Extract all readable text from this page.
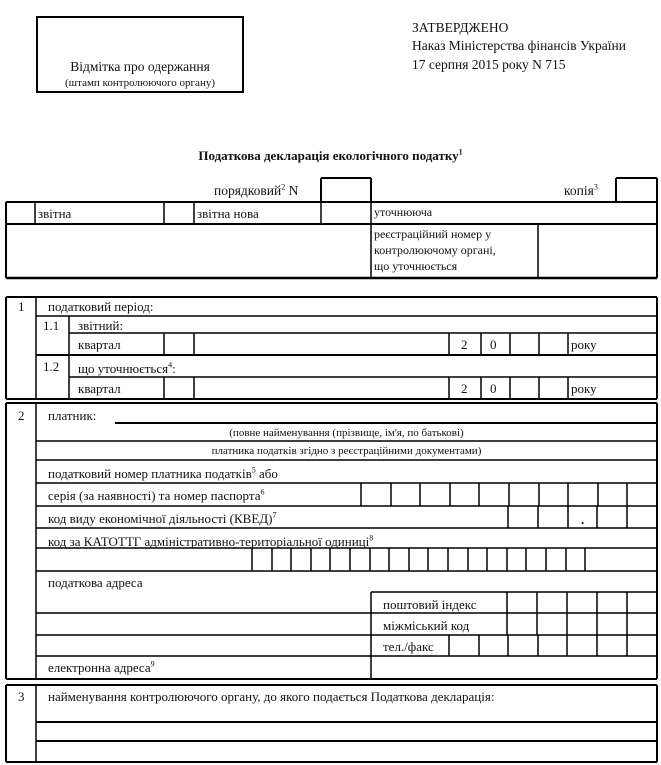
Відмітка про одержання
(штамп контролюючого органу)
ЗАТВЕРДЖЕНО
Наказ Міністерства фінансів України
17 серпня 2015 року N 715
Податкова декларація екологічного податку$^1$
порядковий$^2$ N	копія$^3$
звітна	звітна нова	уточнююча
реєстраційний номер у
контролюючому органі,
що уточнюється
1 податковий період:
1.1 звітний:
квартал	2 0	року
1.2 що уточнюється$^4$:
квартал	2 0	року
2 платник:
(повне найменування (прізвище, ім'я, по батькові)
платника податків згідно з реєстраційними документами)
податковий номер платника податків$^5$ або
серія (за наявності) та номер паспорта$^6$
код виду економічної діяльності (КВЕД)$^7$	.
код за КАТОТТГ адміністративно-територіальної одиниці$^8$
податкова адреса
поштовий індекс
міжміський код
тел./факс
електронна адреса$^9$
3 найменування контролюючого органу, до якого подається Податкова декларація:
